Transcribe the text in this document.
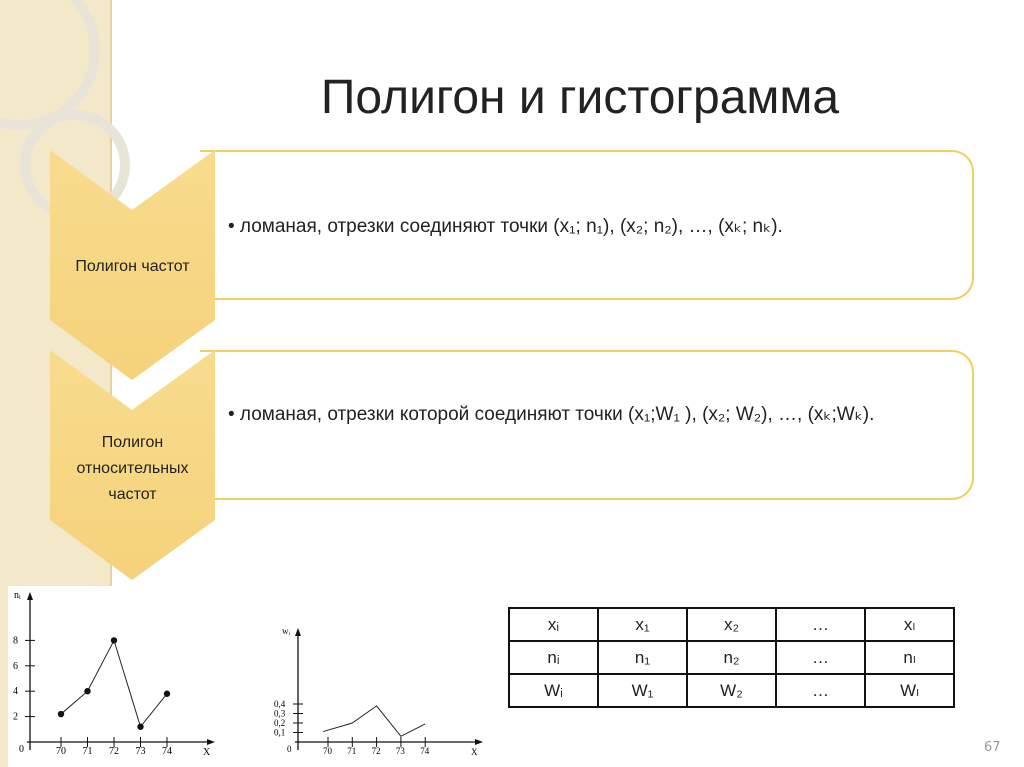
Полигон и гистограмма
• ломаная, отрезки соединяют точки (x₁; n₁), (x₂; n₂), …, (xₖ; nₖ).
• ломаная, отрезки которой соединяют точки (x₁;W₁ ), (x₂; W₂), …, (xₖ;Wₖ).
Полигон частот
Полигон
относительных
частот
nᵢ
X
0	70 71 72 73 74
2
4
6
8
wᵢ
X
0	70 71 72 73 74
0,1
0,2
0,3
0,4
xᵢ	x₁	x₂	…	xₗ
nᵢ	n₁	n₂	…	nₗ
Wᵢ	W₁	W₂	…	Wₗ
67
